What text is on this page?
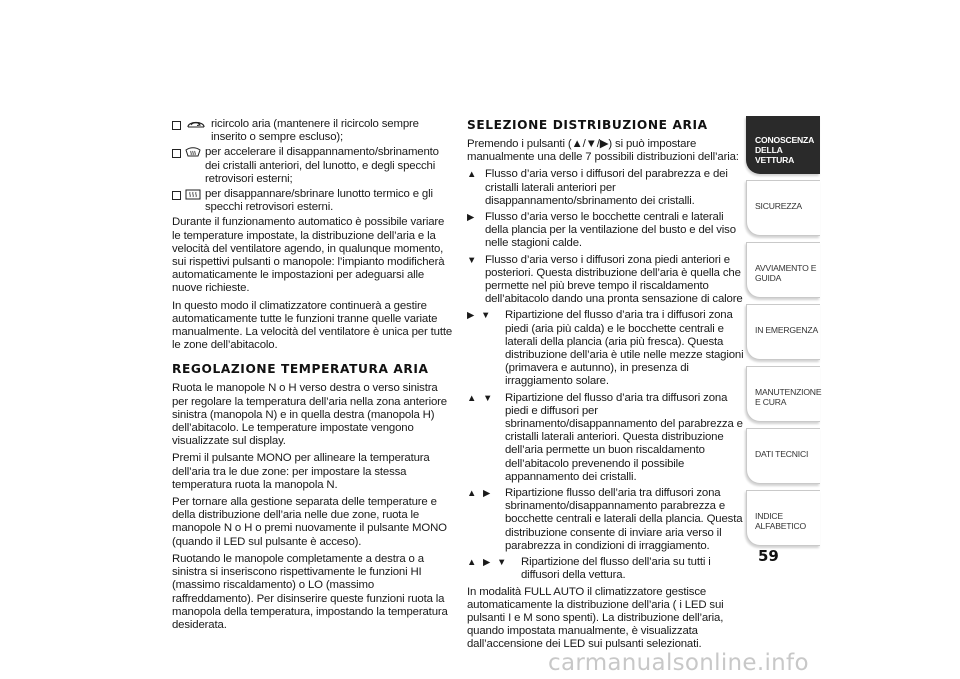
ricircolo aria (mantenere il ricircolo sempre inserito o sempre escluso);
per accelerare il disappannamento/sbrinamento dei cristalli anteriori, del lunotto, e degli specchi retrovisori esterni;
per disappannare/sbrinare lunotto termico e gli specchi retrovisori esterni.

Durante il funzionamento automatico è possibile variare le temperature impostate, la distribuzione dell’aria e la velocità del ventilatore agendo, in qualunque momento, sui rispettivi pulsanti o manopole: l’impianto modificherà automaticamente le impostazioni per adeguarsi alle nuove richieste.

In questo modo il climatizzatore continuerà a gestire automaticamente tutte le funzioni tranne quelle variate manualmente. La velocità del ventilatore è unica per tutte le zone dell’abitacolo.

REGOLAZIONE TEMPERATURA ARIA

Ruota le manopole N o H verso destra o verso sinistra per regolare la temperatura dell’aria nella zona anteriore sinistra (manopola N) e in quella destra (manopola H) dell’abitacolo. Le temperature impostate vengono visualizzate sul display.

Premi il pulsante MONO per allineare la temperatura dell’aria tra le due zone: per impostare la stessa temperatura ruota la manopola N.

Per tornare alla gestione separata delle temperature e della distribuzione dell’aria nelle due zone, ruota le manopole N o H o premi nuovamente il pulsante MONO (quando il LED sul pulsante è acceso).

Ruotando le manopole completamente a destra o a sinistra si inseriscono rispettivamente le funzioni HI (massimo riscaldamento) o LO (massimo raffreddamento). Per disinserire queste funzioni ruota la manopola della temperatura, impostando la temperatura desiderata.

SELEZIONE DISTRIBUZIONE ARIA

Premendo i pulsanti (▲/▼/▶) si può impostare manualmente una delle 7 possibili distribuzioni dell’aria:

▲ Flusso d’aria verso i diffusori del parabrezza e dei cristalli laterali anteriori per disappannamento/sbrinamento dei cristalli.
▶ Flusso d’aria verso le bocchette centrali e laterali della plancia per la ventilazione del busto e del viso nelle stagioni calde.
▼ Flusso d’aria verso i diffusori zona piedi anteriori e posteriori. Questa distribuzione dell’aria è quella che permette nel più breve tempo il riscaldamento dell’abitacolo dando una pronta sensazione di calore
▶ ▼	Ripartizione del flusso d’aria tra i diffusori zona piedi (aria più calda) e le bocchette centrali e laterali della plancia (aria più fresca). Questa distribuzione dell’aria è utile nelle mezze stagioni (primavera e autunno), in presenza di irraggiamento solare.
▲ ▼ Ripartizione del flusso d’aria tra diffusori zona piedi e diffusori per sbrinamento/disappannamento del parabrezza e cristalli laterali anteriori. Questa distribuzione dell’aria permette un buon riscaldamento dell’abitacolo prevenendo il possibile appannamento dei cristalli.
▲ ▶	Ripartizione flusso dell’aria tra diffusori zona sbrinamento/disappannamento parabrezza e bocchette centrali e laterali della plancia. Questa distribuzione consente di inviare aria verso il parabrezza in condizioni di irraggiamento.
▲ ▶ ▼	Ripartizione del flusso dell’aria su tutti i diffusori della vettura.

In modalità FULL AUTO il climatizzatore gestisce automaticamente la distribuzione dell’aria ( i LED sui pulsanti I e M sono spenti). La distribuzione dell’aria, quando impostata manualmente, è visualizzata dall’accensione dei LED sui pulsanti selezionati.

CONOSCENZA DELLA VETTURA
SICUREZZA
AVVIAMENTO E GUIDA
IN EMERGENZA
MANUTENZIONE E CURA
DATI TECNICI
INDICE ALFABETICO
59
carmanualsonline.info
